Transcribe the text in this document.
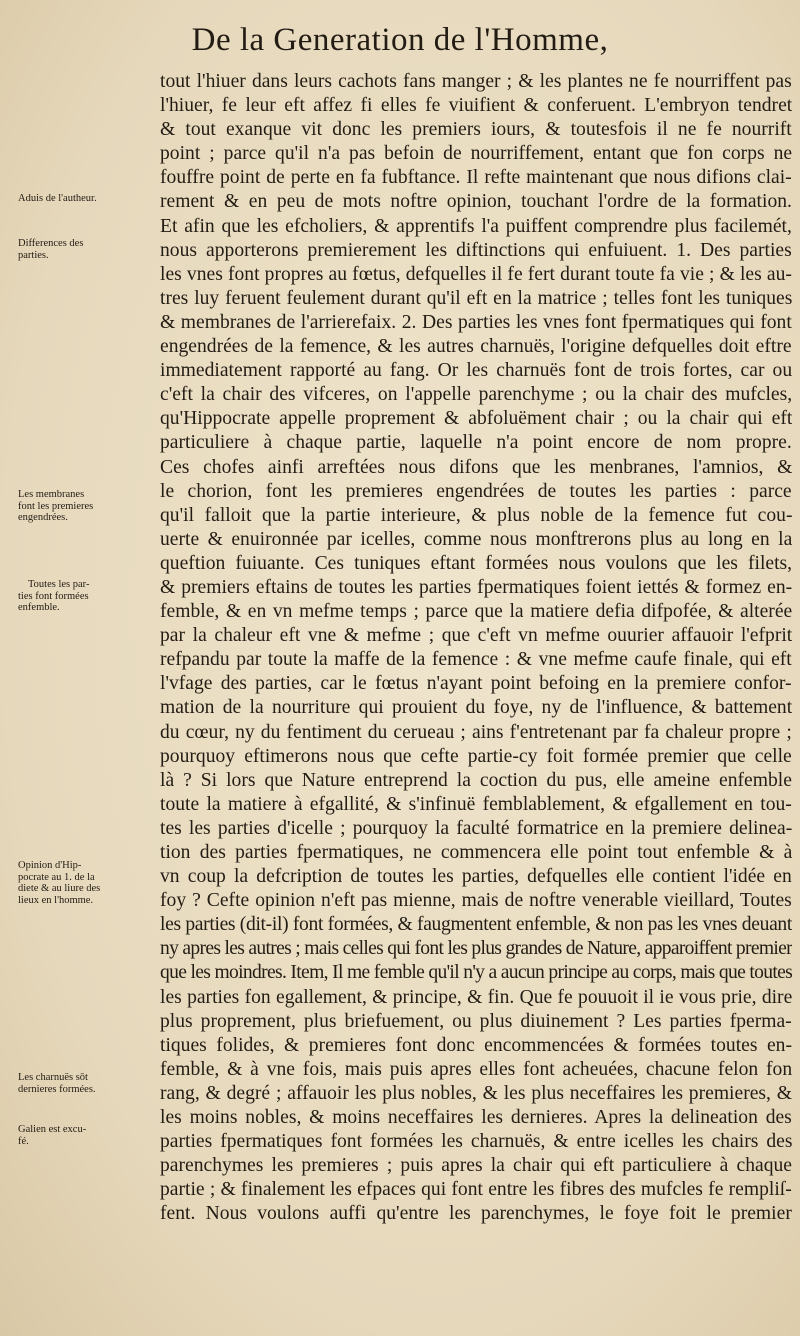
De la Generation de l'Homme,
tout l'hiuer dans leurs cachots fans manger ; & les plantes ne fe nourriffent pas
l'hiuer, fe leur eft affez fi elles fe viuifient & conferuent. L'embryon tendret
& tout exanque vit donc les premiers iours, & toutesfois il ne fe nourrift
point ; parce qu'il n'a pas befoin de nourriffement, entant que fon corps ne
fouffre point de perte en fa fubftance. Il refte maintenant que nous difions clai-
rement & en peu de mots noftre opinion, touchant l'ordre de la formation.
Et afin que les efcholiers, & apprentifs l'a puiffent comprendre plus facilemét,
nous apporterons premierement les diftinctions qui enfuiuent. 1. Des parties
les vnes font propres au fœtus, defquelles il fe fert durant toute fa vie ; & les au-
tres luy feruent feulement durant qu'il eft en la matrice ; telles font les tuniques
& membranes de l'arrierefaix. 2. Des parties les vnes font fpermatiques qui font
engendrées de la femence, & les autres charnuës, l'origine defquelles doit eftre
immediatement rapporté au fang. Or les charnuës font de trois fortes, car ou
c'eft la chair des vifceres, on l'appelle parenchyme ; ou la chair des mufcles,
qu'Hippocrate appelle proprement & abfoluëment chair ; ou la chair qui eft
particuliere à chaque partie, laquelle n'a point encore de nom propre.
Ces chofes ainfi arreftées nous difons que les menbranes, l'amnios, &
le chorion, font les premieres engendrées de toutes les parties : parce
qu'il falloit que la partie interieure, & plus noble de la femence fut cou-
uerte & enuironnée par icelles, comme nous monftrerons plus au long en la
queftion fuiuante. Ces tuniques eftant formées nous voulons que les filets,
& premiers eftains de toutes les parties fpermatiques foient iettés & formez en-
femble, & en vn mefme temps ; parce que la matiere defia difpofée, & alterée
par la chaleur eft vne & mefme ; que c'eft vn mefme ouurier affauoir l'efprit
refpandu par toute la maffe de la femence : & vne mefme caufe finale, qui eft
l'vfage des parties, car le fœtus n'ayant point befoing en la premiere confor-
mation de la nourriture qui prouient du foye, ny de l'influence, & battement
du cœur, ny du fentiment du cerueau ; ains f'entretenant par fa chaleur propre ;
pourquoy eftimerons nous que cefte partie-cy foit formée premier que celle
là ? Si lors que Nature entreprend la coction du pus, elle ameine enfemble
toute la matiere à efgallité, & s'infinuë femblablement, & efgallement en tou-
tes les parties d'icelle ; pourquoy la faculté formatrice en la premiere delinea-
tion des parties fpermatiques, ne commencera elle point tout enfemble & à
vn coup la defcription de toutes les parties, defquelles elle contient l'idée en
foy ? Cefte opinion n'eft pas mienne, mais de noftre venerable vieillard, Toutes
les parties (dit-il) font formées, & faugmentent enfemble, & non pas les vnes deuant
ny apres les autres ; mais celles qui font les plus grandes de Nature, apparoiffent premier
que les moindres. Item, Il me femble qu'il n'y a aucun principe au corps, mais que toutes
les parties fon egallement, & principe, & fin. Que fe pouuoit il ie vous prie, dire
plus proprement, plus briefuement, ou plus diuinement ? Les parties fperma-
tiques folides, & premieres font donc encommencées & formées toutes en-
femble, & à vne fois, mais puis apres elles font acheuées, chacune felon fon
rang, & degré ; affauoir les plus nobles, & les plus neceffaires les premieres, &
les moins nobles, & moins neceffaires les dernieres. Apres la delineation des
parties fpermatiques font formées les charnuës, & entre icelles les chairs des
parenchymes les premieres ; puis apres la chair qui eft particuliere à chaque
partie ; & finalement les efpaces qui font entre les fibres des mufcles fe rempliſ-
fent. Nous voulons auffi qu'entre les parenchymes, le foye foit le premier
Aduis de l'autheur.
Differences des
parties.
Les membranes
font les premieres
engendrées.
Toutes les par-
ties font formées
enfemble.
Opinion d'Hip-
pocrate au 1. de la
diete & au liure des
lieux en l'homme.
Les charnuës sōt
dernieres formées.
Galien est excu-
fé.
